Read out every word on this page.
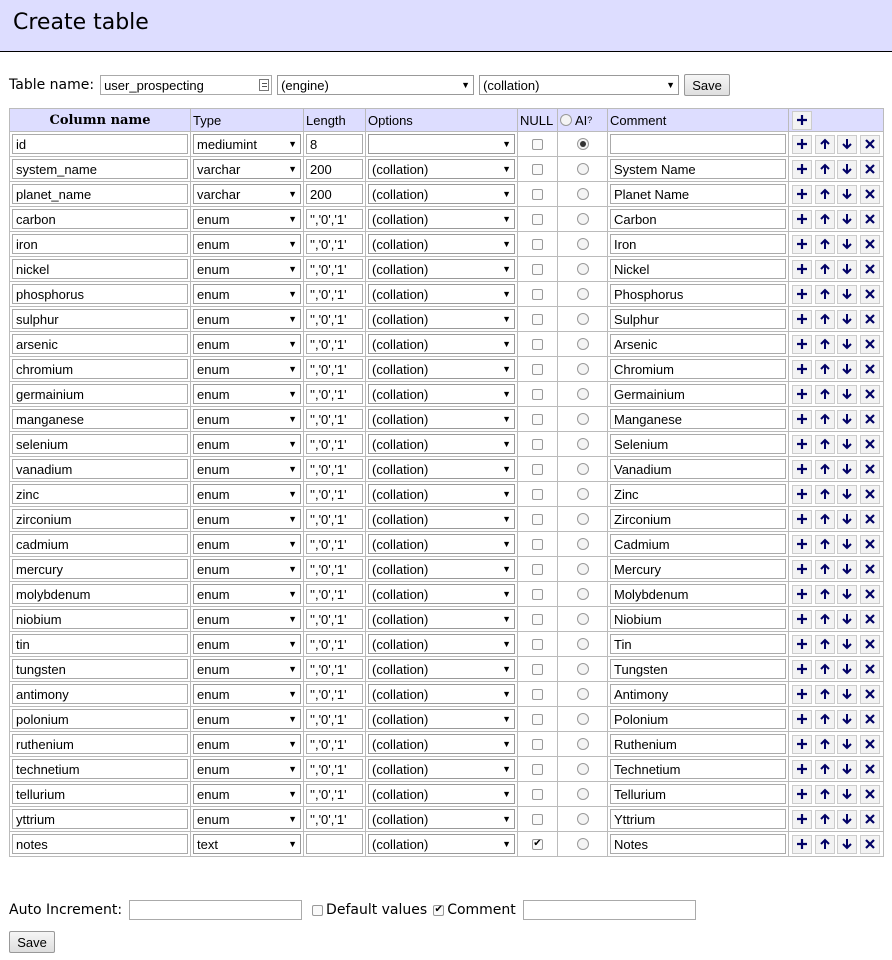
Create table
Table name: user_prospecting	(engine)	▼ (collation)	▼	Save
Column name	Type	Length	Options	NULL	AI ?	Comment	

id	mediumint ▼	8	▼

system_name	varchar ▼	200	(collation) ▼			System Name

planet_name	varchar ▼	200	(collation) ▼			Planet Name

carbon	enum ▼	'','0','1'	(collation) ▼			Carbon

iron	enum ▼	'','0','1'	(collation) ▼			Iron

nickel	enum ▼	'','0','1'	(collation) ▼			Nickel

phosphorus	enum ▼	'','0','1'	(collation) ▼			Phosphorus

sulphur	enum ▼	'','0','1'	(collation) ▼			Sulphur

arsenic	enum ▼	'','0','1'	(collation) ▼			Arsenic

chromium	enum ▼	'','0','1'	(collation) ▼			Chromium

germainium	enum ▼	'','0','1'	(collation) ▼			Germainium

manganese	enum ▼	'','0','1'	(collation) ▼			Manganese

selenium	enum ▼	'','0','1'	(collation) ▼			Selenium

vanadium	enum ▼	'','0','1'	(collation) ▼			Vanadium

zinc	enum ▼	'','0','1'	(collation) ▼			Zinc

zirconium	enum ▼	'','0','1'	(collation) ▼			Zirconium

cadmium	enum ▼	'','0','1'	(collation) ▼			Cadmium

mercury	enum ▼	'','0','1'	(collation) ▼			Mercury

molybdenum	enum ▼	'','0','1'	(collation) ▼			Molybdenum

niobium	enum ▼	'','0','1'	(collation) ▼			Niobium

tin	enum ▼	'','0','1'	(collation) ▼			Tin

tungsten	enum ▼	'','0','1'	(collation) ▼			Tungsten

antimony	enum ▼	'','0','1'	(collation) ▼			Antimony

polonium	enum ▼	'','0','1'	(collation) ▼			Polonium

ruthenium	enum ▼	'','0','1'	(collation) ▼			Ruthenium

technetium	enum ▼	'','0','1'	(collation) ▼			Technetium

tellurium	enum ▼	'','0','1'	(collation) ▼			Tellurium

yttrium	enum ▼	'','0','1'	(collation) ▼			Yttrium

notes	text ▼		(collation) ▼	✔		Notes

Auto Increment:	Default values ✔ Comment
Save
